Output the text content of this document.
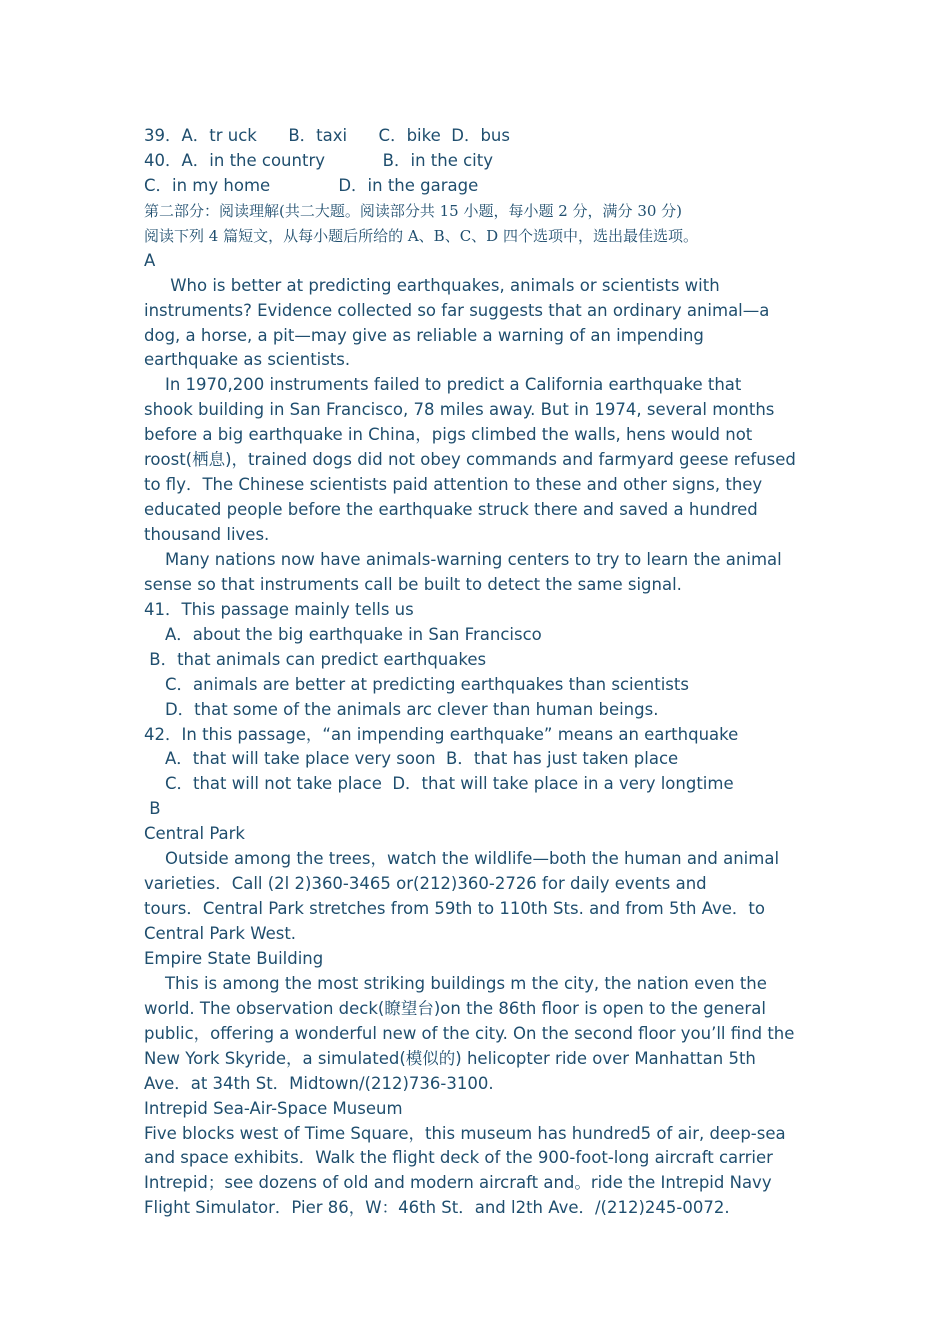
39．A．tr uck      B．taxi      C．bike  D．bus
40．A．in the country           B．in the city
C．in my home             D．in the garage
第二部分：阅读理解(共二大题。阅读部分共 15 小题，每小题 2 分，满分 30 分)
阅读下列 4 篇短文，从每小题后所给的 A、B、C、D 四个选项中，选出最佳选项。
A
Who is better at predicting earthquakes, animals or scientists with
instruments? Evidence collected so far suggests that an ordinary animal—a
dog, a horse, a pit—may give as reliable a warning of an impending
earthquake as scientists.
In 1970,200 instruments failed to predict a California earthquake that
shook building in San Francisco, 78 miles away. But in 1974, several months
before a big earthquake in China，pigs climbed the walls, hens would not
roost(栖息)，trained dogs did not obey commands and farmyard geese refused
to fly．The Chinese scientists paid attention to these and other signs, they
educated people before the earthquake struck there and saved a hundred
thousand lives.
Many nations now have animals-warning centers to try to learn the animal
sense so that instruments call be built to detect the same signal.
41．This passage mainly tells us
A．about the big earthquake in San Francisco
B．that animals can predict earthquakes
C．animals are better at predicting earthquakes than scientists
D．that some of the animals arc clever than human beings.
42．In this passage，“an impending earthquake” means an earthquake
A．that will take place very soon  B．that has just taken place
C．that will not take place  D．that will take place in a very longtime
B
Central Park
Outside among the trees，watch the wildlife—both the human and animal
varieties．Call (2l 2)360-3465 or(212)360-2726 for daily events and
tours．Central Park stretches from 59th to 110th Sts. and from 5th Ave．to
Central Park West.
Empire State Building
This is among the most striking buildings m the city, the nation even the
world. The observation deck(瞭望台)on the 86th floor is open to the general
public，offering a wonderful new of the city. On the second floor you’ll find the
New York Skyride，a simulated(模似的) helicopter ride over Manhattan 5th
Ave．at 34th St．Midtown/(212)736-3100.
Intrepid Sea-Air-Space Museum
Five blocks west of Time Square，this museum has hundred5 of air, deep-sea
and space exhibits．Walk the flight deck of the 900-foot-long aircraft carrier
Intrepid；see dozens of old and modern aircraft and。ride the Intrepid Navy
Flight Simulator．Pier 86，W：46th St．and l2th Ave．/(212)245-0072.
